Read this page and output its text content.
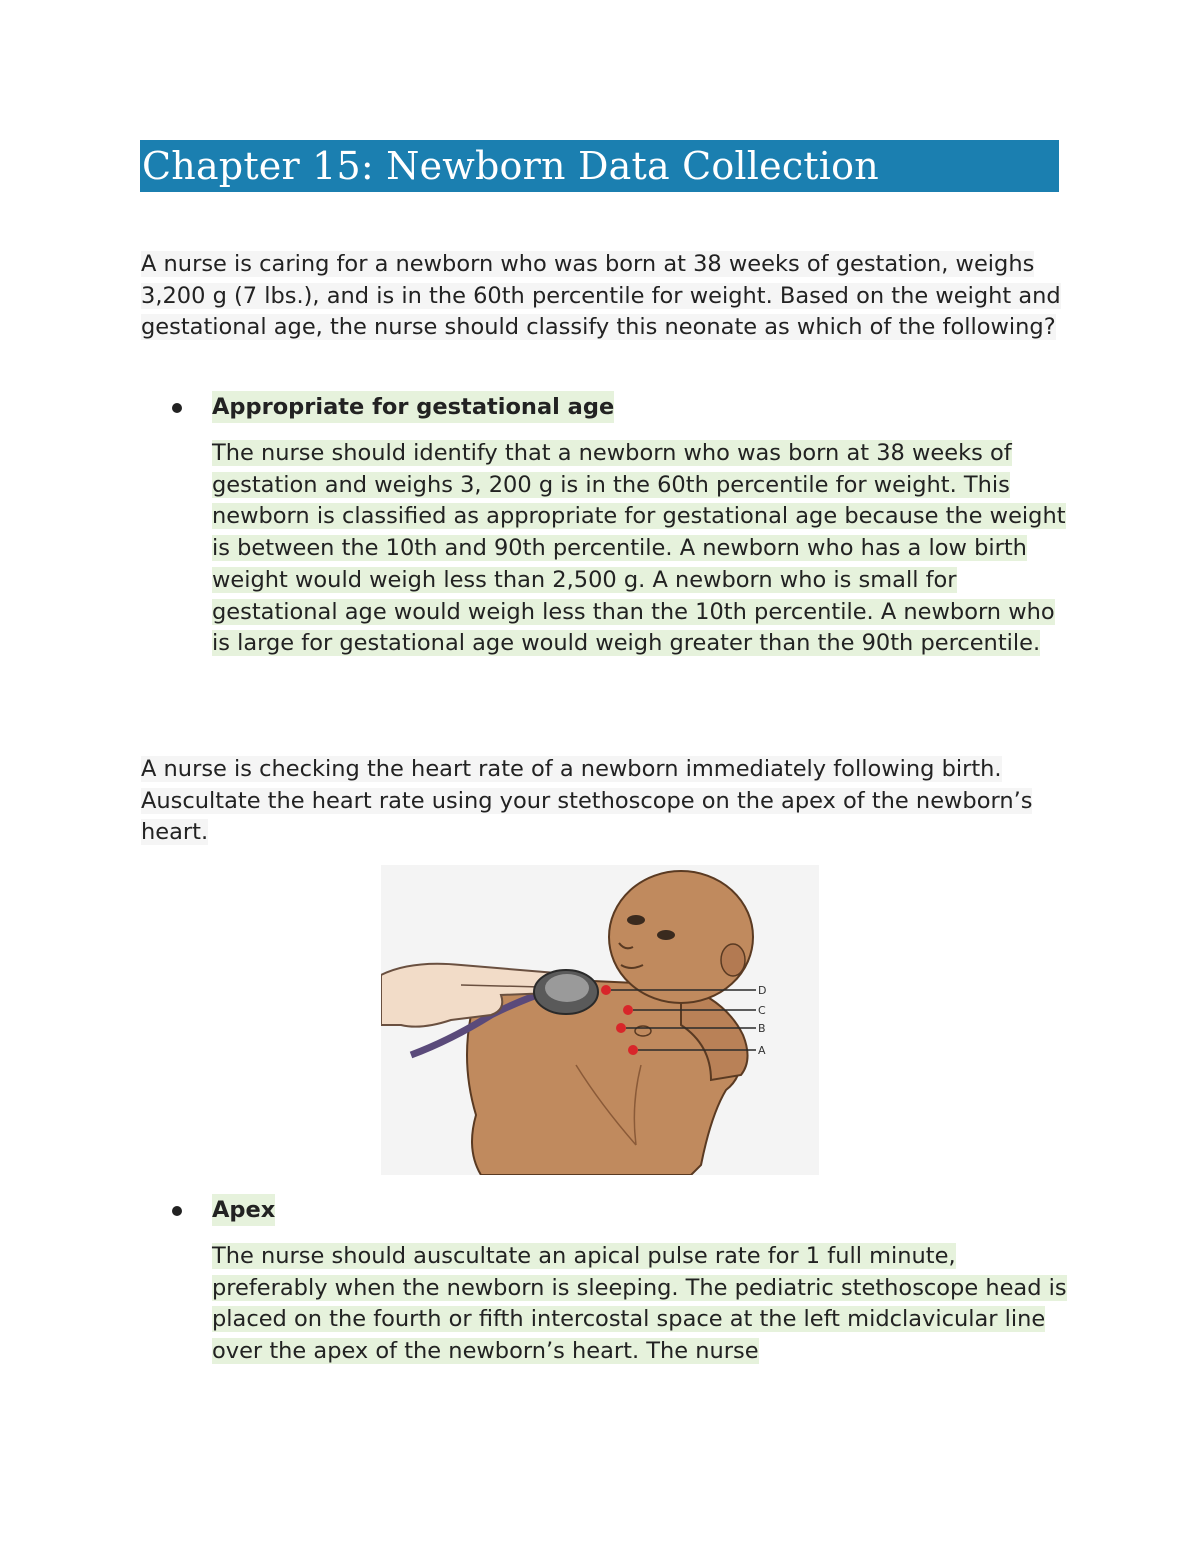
Chapter 15: Newborn Data Collection
A nurse is caring for a newborn who was born at 38 weeks of gestation, weighs 3,200 g (7 lbs.), and is in the 60th percentile for weight. Based on the weight and gestational age, the nurse should classify this neonate as which of the following?
Appropriate for gestational age
The nurse should identify that a newborn who was born at 38 weeks of gestation and weighs 3, 200 g is in the 60th percentile for weight. This newborn is classified as appropriate for gestational age because the weight is between the 10th and 90th percentile. A newborn who has a low birth weight would weigh less than 2,500 g. A newborn who is small for gestational age would weigh less than the 10th percentile. A newborn who is large for gestational age would weigh greater than the 90th percentile.
A nurse is checking the heart rate of a newborn immediately following birth. Auscultate the heart rate using your stethoscope on the apex of the newborn’s heart.
D
C
B
A
Apex
The nurse should auscultate an apical pulse rate for 1 full minute, preferably when the newborn is sleeping. The pediatric stethoscope head is placed on the fourth or fifth intercostal space at the left midclavicular line over the apex of the newborn’s heart. The nurse
